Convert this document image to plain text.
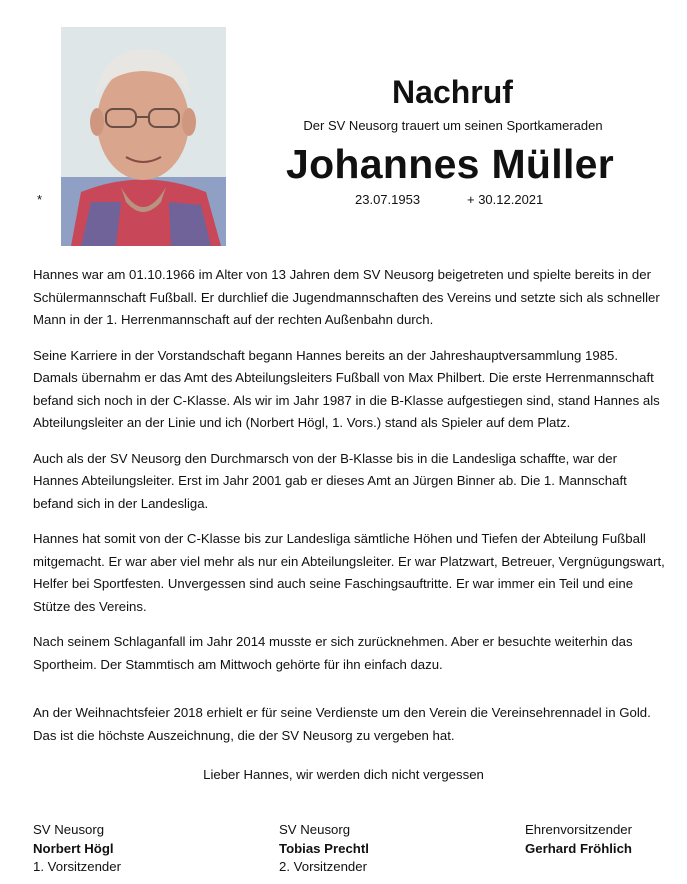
*
Nachruf
Der SV Neusorg trauert um seinen Sportkameraden
Johannes Müller
23.07.1953	+ 30.12.2021

Hannes war am 01.10.1966 im Alter von 13 Jahren dem SV Neusorg beigetreten und spielte bereits in der Schülermannschaft Fußball. Er durchlief die Jugendmannschaften des Vereins und setzte sich als schneller Mann in der 1. Herrenmannschaft auf der rechten Außenbahn durch.

Seine Karriere in der Vorstandschaft begann Hannes bereits an der Jahreshauptversammlung 1985. Damals übernahm er das Amt des Abteilungsleiters Fußball von Max Philbert. Die erste Herrenmannschaft befand sich noch in der C-Klasse. Als wir im Jahr 1987 in die B-Klasse aufgestiegen sind, stand Hannes als Abteilungsleiter an der Linie und ich (Norbert Högl, 1. Vors.) stand als Spieler auf dem Platz.

Auch als der SV Neusorg den Durchmarsch von der B-Klasse bis in die Landesliga schaffte, war der Hannes Abteilungsleiter. Erst im Jahr 2001 gab er dieses Amt an Jürgen Binner ab. Die 1. Mannschaft befand sich in der Landesliga.

Hannes hat somit von der C-Klasse bis zur Landesliga sämtliche Höhen und Tiefen der Abteilung Fußball mitgemacht. Er war aber viel mehr als nur ein Abteilungsleiter. Er war Platzwart, Betreuer, Vergnügungswart, Helfer bei Sportfesten. Unvergessen sind auch seine Faschingsauftritte. Er war immer ein Teil und eine Stütze des Vereins.

Nach seinem Schlaganfall im Jahr 2014 musste er sich zurücknehmen. Aber er besuchte weiterhin das Sportheim. Der Stammtisch am Mittwoch gehörte für ihn einfach dazu.

An der Weihnachtsfeier 2018 erhielt er für seine Verdienste um den Verein die Vereinsehrennadel in Gold. Das ist die höchste Auszeichnung, die der SV Neusorg zu vergeben hat.

Lieber Hannes, wir werden dich nicht vergessen
SV Neusorg
Norbert Högl
1. Vorsitzender
SV Neusorg
Tobias Prechtl
2. Vorsitzender
Ehrenvorsitzender
Gerhard Fröhlich
